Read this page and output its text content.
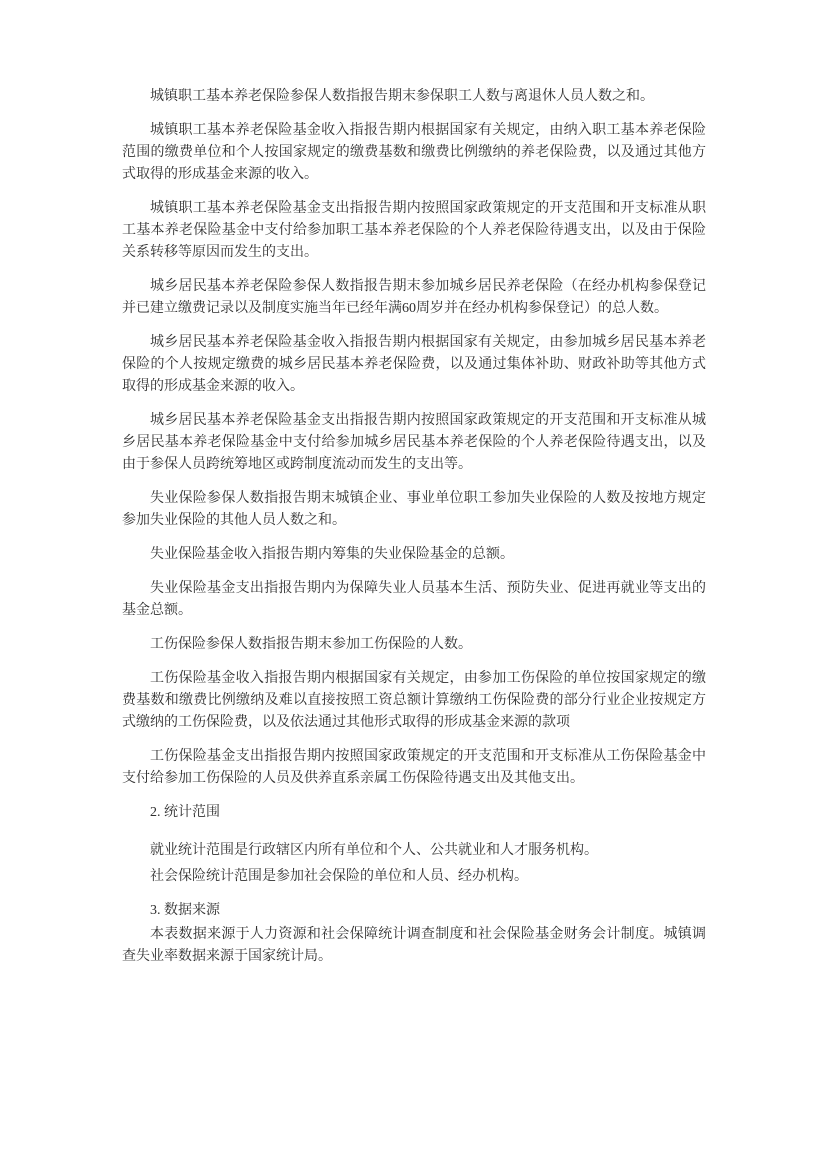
城镇职工基本养老保险参保人数指报告期末参保职工人数与离退休人员人数之和。

城镇职工基本养老保险基金收入指报告期内根据国家有关规定，由纳入职工基本养老保险范围的缴费单位和个人按国家规定的缴费基数和缴费比例缴纳的养老保险费，以及通过其他方式取得的形成基金来源的收入。

城镇职工基本养老保险基金支出指报告期内按照国家政策规定的开支范围和开支标准从职工基本养老保险基金中支付给参加职工基本养老保险的个人养老保险待遇支出，以及由于保险关系转移等原因而发生的支出。

城乡居民基本养老保险参保人数指报告期末参加城乡居民养老保险（在经办机构参保登记并已建立缴费记录以及制度实施当年已经年满60周岁并在经办机构参保登记）的总人数。

城乡居民基本养老保险基金收入指报告期内根据国家有关规定，由参加城乡居民基本养老保险的个人按规定缴费的城乡居民基本养老保险费，以及通过集体补助、财政补助等其他方式取得的形成基金来源的收入。

城乡居民基本养老保险基金支出指报告期内按照国家政策规定的开支范围和开支标准从城乡居民基本养老保险基金中支付给参加城乡居民基本养老保险的个人养老保险待遇支出，以及由于参保人员跨统筹地区或跨制度流动而发生的支出等。

失业保险参保人数指报告期末城镇企业、事业单位职工参加失业保险的人数及按地方规定参加失业保险的其他人员人数之和。

失业保险基金收入指报告期内筹集的失业保险基金的总额。

失业保险基金支出指报告期内为保障失业人员基本生活、预防失业、促进再就业等支出的基金总额。

工伤保险参保人数指报告期末参加工伤保险的人数。

工伤保险基金收入指报告期内根据国家有关规定，由参加工伤保险的单位按国家规定的缴费基数和缴费比例缴纳及难以直接按照工资总额计算缴纳工伤保险费的部分行业企业按规定方式缴纳的工伤保险费，以及依法通过其他形式取得的形成基金来源的款项

工伤保险基金支出指报告期内按照国家政策规定的开支范围和开支标准从工伤保险基金中支付给参加工伤保险的人员及供养直系亲属工伤保险待遇支出及其他支出。

2. 统计范围

就业统计范围是行政辖区内所有单位和个人、公共就业和人才服务机构。

社会保险统计范围是参加社会保险的单位和人员、经办机构。

3. 数据来源

本表数据来源于人力资源和社会保障统计调查制度和社会保险基金财务会计制度。城镇调查失业率数据来源于国家统计局。
